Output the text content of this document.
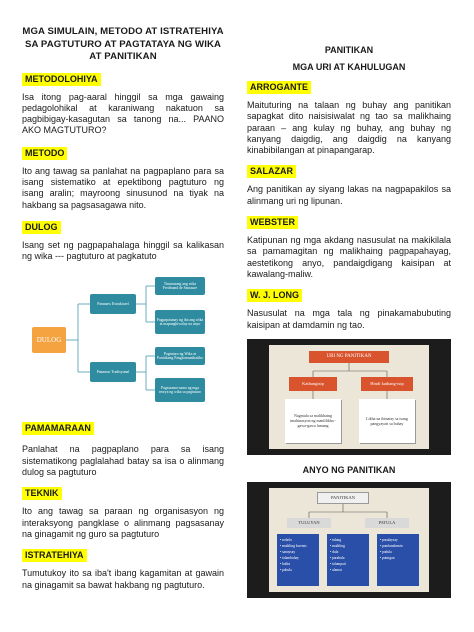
MGA SIMULAIN, METODO AT ISTRATEHIYA SA PAGTUTURO AT PAGTATAYA NG WIKA AT PANITIKAN
METODOLOHIYA

Isa itong pag-aaral hinggil sa mga gawaing pedagolohikal at karaniwang nakatuon sa pagbibigay-kasagutan sa tanong na... PAANO AKO MAGTUTURO?

METODO

Ito ang tawag sa panlahat na pagpaplano para sa isang sistematiko at epektibong pagtuturo ng isang aralin; mayroong sinusunod na tiyak na hakbang sa pagsasagawa nito.

DULOG

Isang set ng pagpapahalaga hinggil sa kalikasan ng wika --- pagtuturo at pagkatuto

DULOG
Pananaw Estrukturel
Pananaw Tradisyunal
Tinutanong ang wika Ferdinand de Saussure
Pagpapatunay ng iba ang wika at mapanghiwalay na anyo
Pagtuturo ng Wika at Panitikang Pangkomunikatibo
Pagsasama-sama ng mga teorya ng wika sa pagtuturo
PAMAMARAAN

Panlahat na pagpaplano para sa isang sistematikong paglalahad batay sa isa o alinmang dulog sa pagtuturo

TEKNIK

Ito ang tawag sa paraan ng organisasyon ng interaksyong pangklase o alinmang pagsasanay na ginagamit ng guro sa pagtuturo

ISTRATEHIYA

Tumutukoy ito sa iba't ibang kagamitan at gawain na ginagamit sa bawat hakbang ng pagtuturo.

PANITIKAN
MGA URI AT KAHULUGAN
ARROGANTE

Maituturing na talaan ng buhay ang panitikan sapagkat dito naisisiwalat ng tao sa malikhaing paraan – ang kulay ng buhay, ang buhay ng kanyang daigdig, ang daigdig na kanyang kinabibilangan at pinapangarap.

SALAZAR

Ang panitikan ay siyang lakas na nagpapakilos sa alinmang uri ng lipunan.

WEBSTER

Katipunan ng mga akdang nasusulat na makikilala sa pamamagitan ng malikhaing pagpapahayag, aestetikong anyo, pandaigdigang kaisipan at kawalang-maliw.

W. J. LONG

Nasusulat na mga tala ng pinakamabubuting kaisipan at damdamin ng tao.

URI NG PANITIKAN
Kathangisip	Hindi kathang-isip
Nagmula sa malikhaing imahinasyon ng manlilikha - gawa-gawa lamang
Likha na ibinatay sa isang pangyayari sa buhay
ANYO NG PANITIKAN
PANITIKAN
TULUYAN	PATULA
• nobela
• maikling kwento
• sanaysay
• talambuhay
• balita
• pabula
• tulang
• maikling
• dula
• parabula
• talumpati
• alamat
• pasalaysay
• pandamdamin
• padula
• patnigan
